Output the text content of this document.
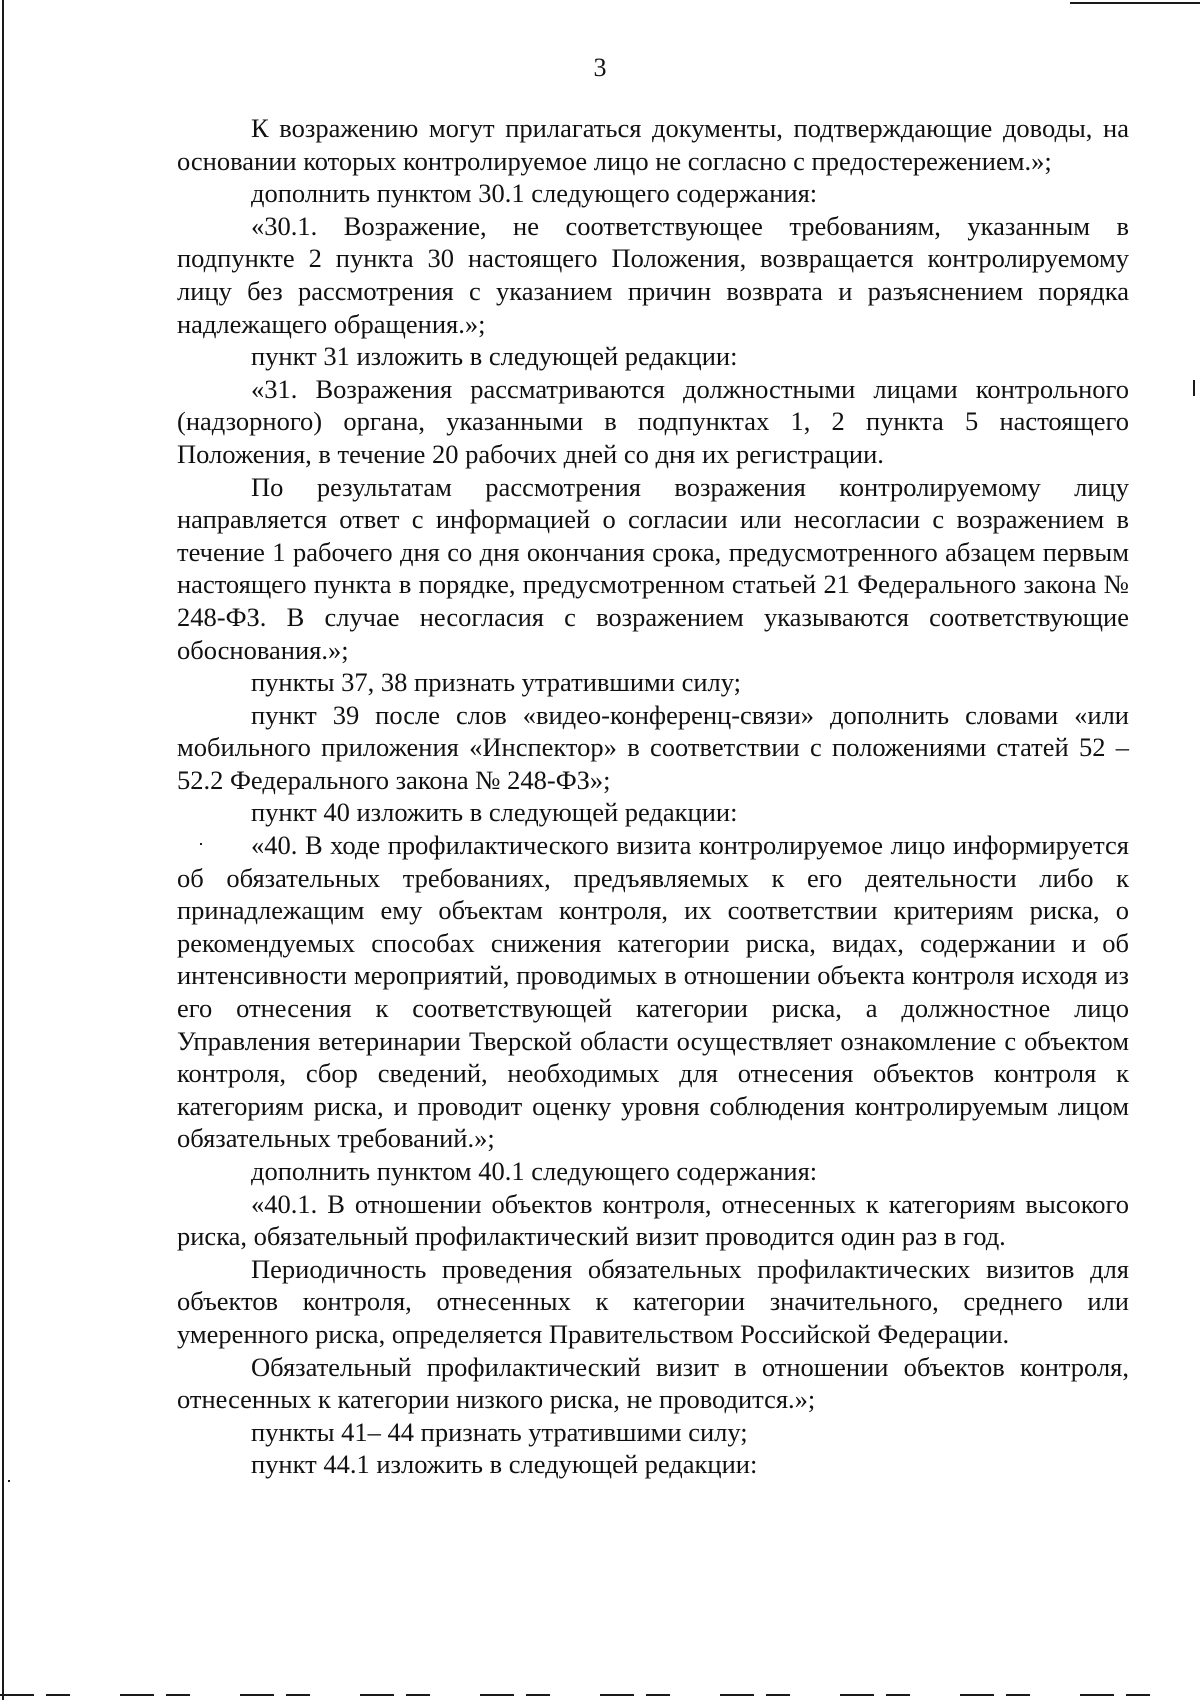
3

К возражению могут прилагаться документы, подтверждающие доводы, на основании которых контролируемое лицо не согласно с предостережением.»;

дополнить пунктом 30.1 следующего содержания:

«30.1. Возражение, не соответствующее требованиям, указанным в подпункте 2 пункта 30 настоящего Положения, возвращается контролируемому лицу без рассмотрения с указанием причин возврата и разъяснением порядка надлежащего обращения.»;

пункт 31 изложить в следующей редакции:

«31. Возражения рассматриваются должностными лицами контрольного (надзорного) органа, указанными в подпунктах 1, 2 пункта 5 настоящего Положения, в течение 20 рабочих дней со дня их регистрации.

По результатам рассмотрения возражения контролируемому лицу направляется ответ с информацией о согласии или несогласии с возражением в течение 1 рабочего дня со дня окончания срока, предусмотренного абзацем первым настоящего пункта в порядке, предусмотренном статьей 21 Федерального закона № 248-ФЗ. В случае несогласия с возражением указываются соответствующие обоснования.»;

пункты 37, 38 признать утратившими силу;

пункт 39 после слов «видео-конференц-связи» дополнить словами «или мобильного приложения «Инспектор» в соответствии с положениями статей 52 – 52.2 Федерального закона № 248-ФЗ»;

пункт 40 изложить в следующей редакции:

«40. В ходе профилактического визита контролируемое лицо информируется об обязательных требованиях, предъявляемых к его деятельности либо к принадлежащим ему объектам контроля, их соответствии критериям риска, о рекомендуемых способах снижения категории риска, видах, содержании и об интенсивности мероприятий, проводимых в отношении объекта контроля исходя из его отнесения к соответствующей категории риска, а должностное лицо Управления ветеринарии Тверской области осуществляет ознакомление с объектом контроля, сбор сведений, необходимых для отнесения объектов контроля к категориям риска, и проводит оценку уровня соблюдения контролируемым лицом обязательных требований.»;

дополнить пунктом 40.1 следующего содержания:

«40.1. В отношении объектов контроля, отнесенных к категориям высокого риска, обязательный профилактический визит проводится один раз в год.

Периодичность проведения обязательных профилактических визитов для объектов контроля, отнесенных к категории значительного, среднего или умеренного риска, определяется Правительством Российской Федерации.

Обязательный профилактический визит в отношении объектов контроля, отнесенных к категории низкого риска, не проводится.»;

пункты 41– 44 признать утратившими силу;

пункт 44.1 изложить в следующей редакции:
